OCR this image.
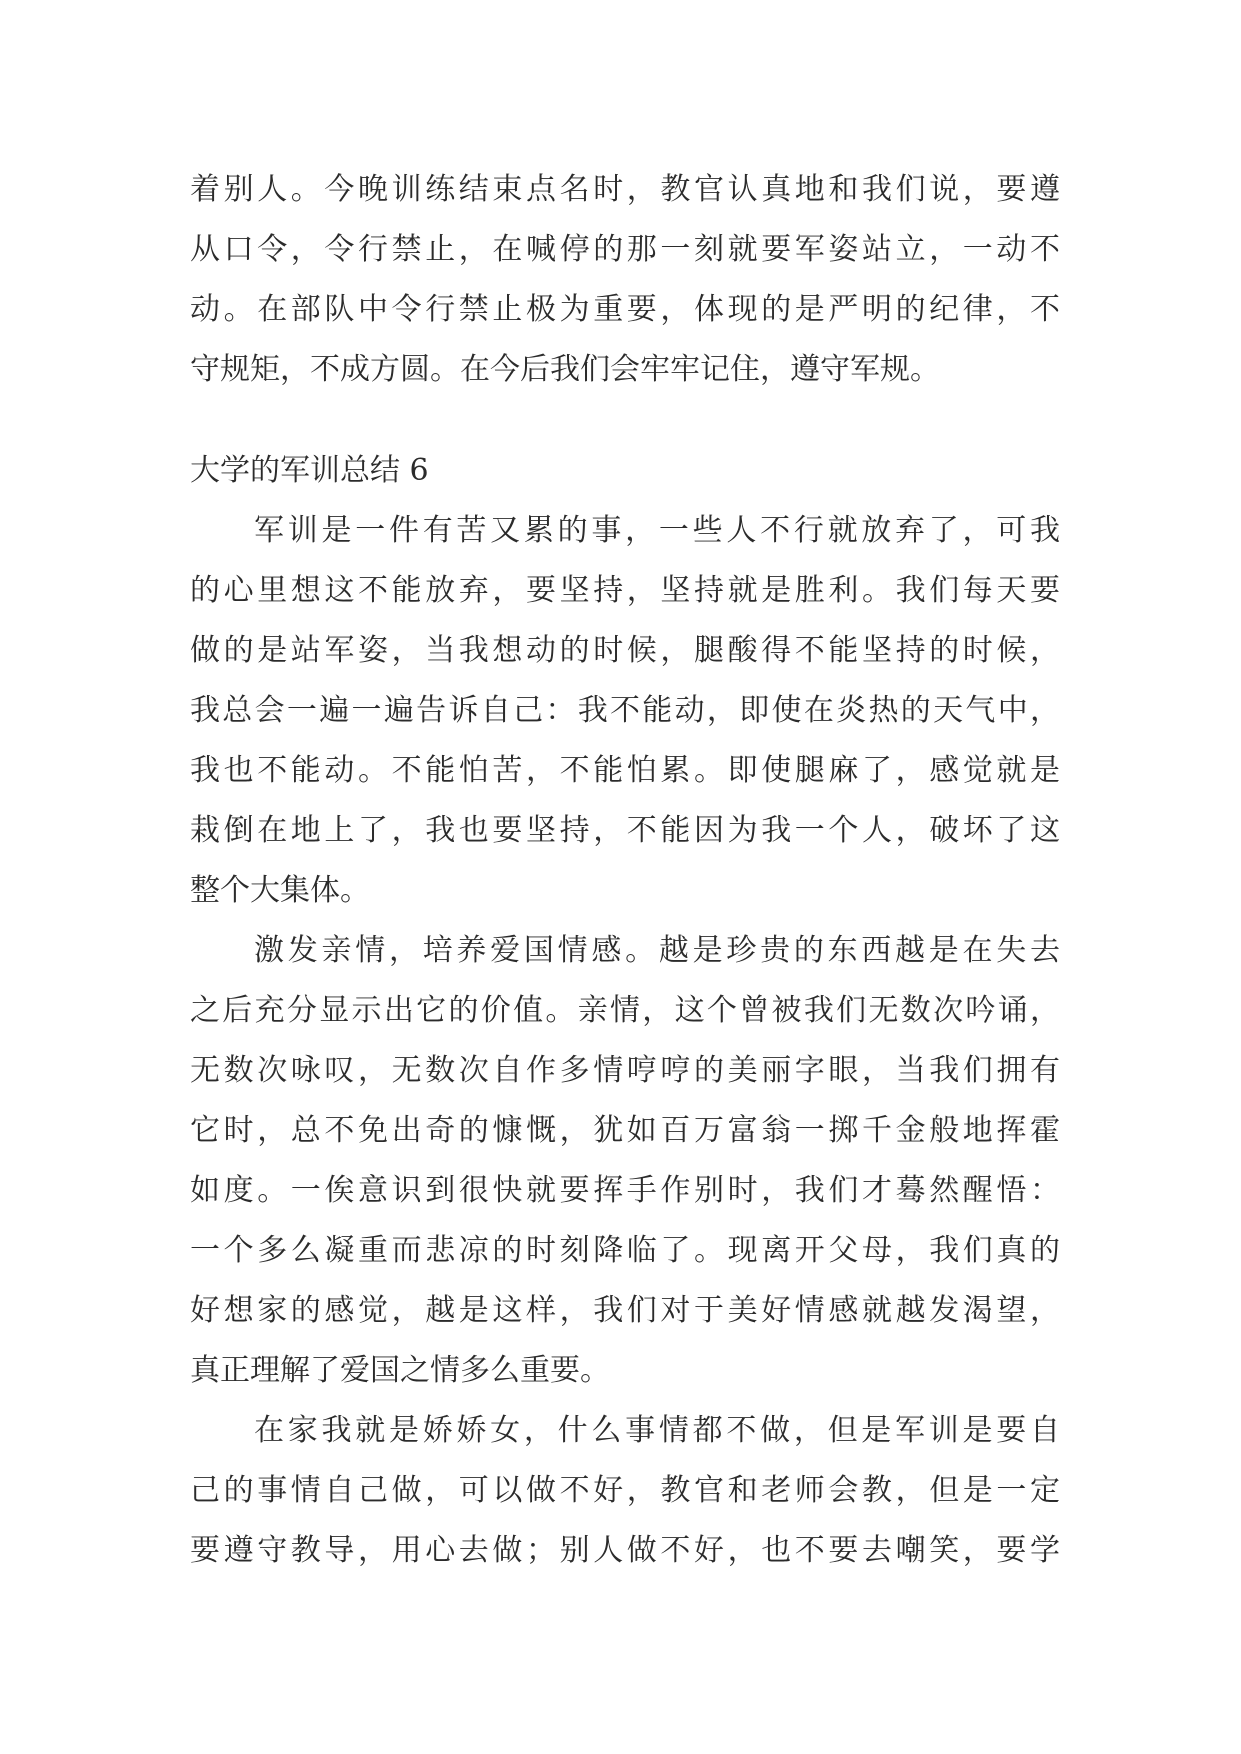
着别人。今晚训练结束点名时，教官认真地和我们说，要遵
从口令，令行禁止，在喊停的那一刻就要军姿站立，一动不
动。在部队中令行禁止极为重要，体现的是严明的纪律，不
守规矩，不成方圆。在今后我们会牢牢记住，遵守军规。
大学的军训总结 6
军训是一件有苦又累的事，一些人不行就放弃了，可我
的心里想这不能放弃，要坚持，坚持就是胜利。我们每天要
做的是站军姿，当我想动的时候，腿酸得不能坚持的时候，
我总会一遍一遍告诉自己：我不能动，即使在炎热的天气中，
我也不能动。不能怕苦，不能怕累。即使腿麻了，感觉就是
栽倒在地上了，我也要坚持，不能因为我一个人，破坏了这
整个大集体。
激发亲情，培养爱国情感。越是珍贵的东西越是在失去
之后充分显示出它的价值。亲情，这个曾被我们无数次吟诵，
无数次咏叹，无数次自作多情哼哼的美丽字眼，当我们拥有
它时，总不免出奇的慷慨，犹如百万富翁一掷千金般地挥霍
如度。一俟意识到很快就要挥手作别时，我们才蓦然醒悟：
一个多么凝重而悲凉的时刻降临了。现离开父母，我们真的
好想家的感觉，越是这样，我们对于美好情感就越发渴望，
真正理解了爱国之情多么重要。
在家我就是娇娇女，什么事情都不做，但是军训是要自
己的事情自己做，可以做不好，教官和老师会教，但是一定
要遵守教导，用心去做；别人做不好，也不要去嘲笑，要学
